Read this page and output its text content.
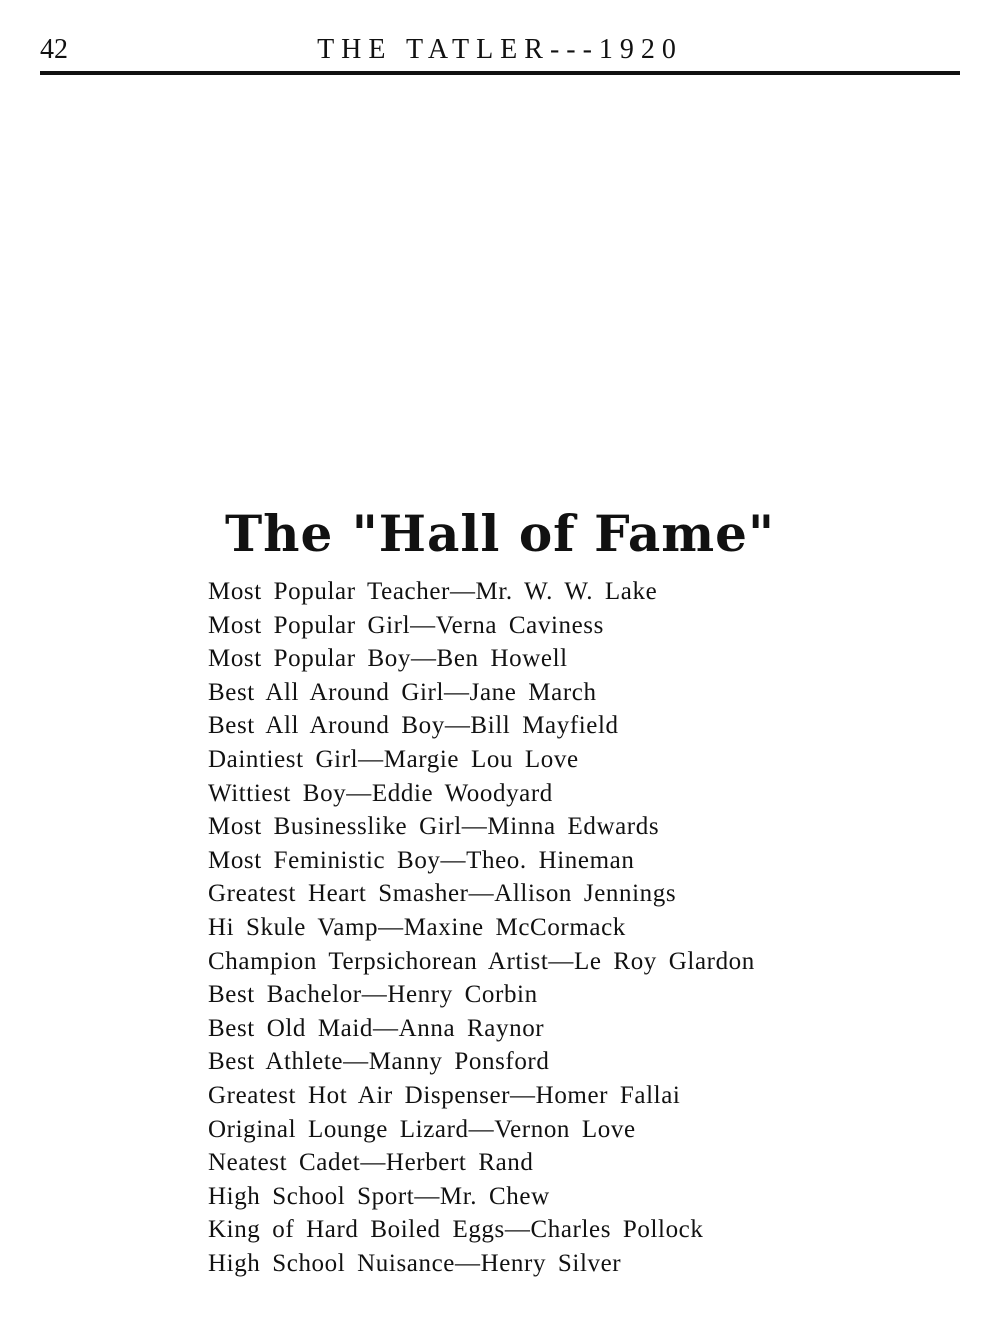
42	THE TATLER---1920
The "Hall of Fame"
Most Popular Teacher—Mr. W. W. Lake
Most Popular Girl—Verna Caviness
Most Popular Boy—Ben Howell
Best All Around Girl—Jane March
Best All Around Boy—Bill Mayfield
Daintiest Girl—Margie Lou Love
Wittiest Boy—Eddie Woodyard
Most Businesslike Girl—Minna Edwards
Most Feministic Boy—Theo. Hineman
Greatest Heart Smasher—Allison Jennings
Hi Skule Vamp—Maxine McCormack
Champion Terpsichorean Artist—Le Roy Glardon
Best Bachelor—Henry Corbin
Best Old Maid—Anna Raynor
Best Athlete—Manny Ponsford
Greatest Hot Air Dispenser—Homer Fallai
Original Lounge Lizard—Vernon Love
Neatest Cadet—Herbert Rand
High School Sport—Mr. Chew
King of Hard Boiled Eggs—Charles Pollock
High School Nuisance—Henry Silver
